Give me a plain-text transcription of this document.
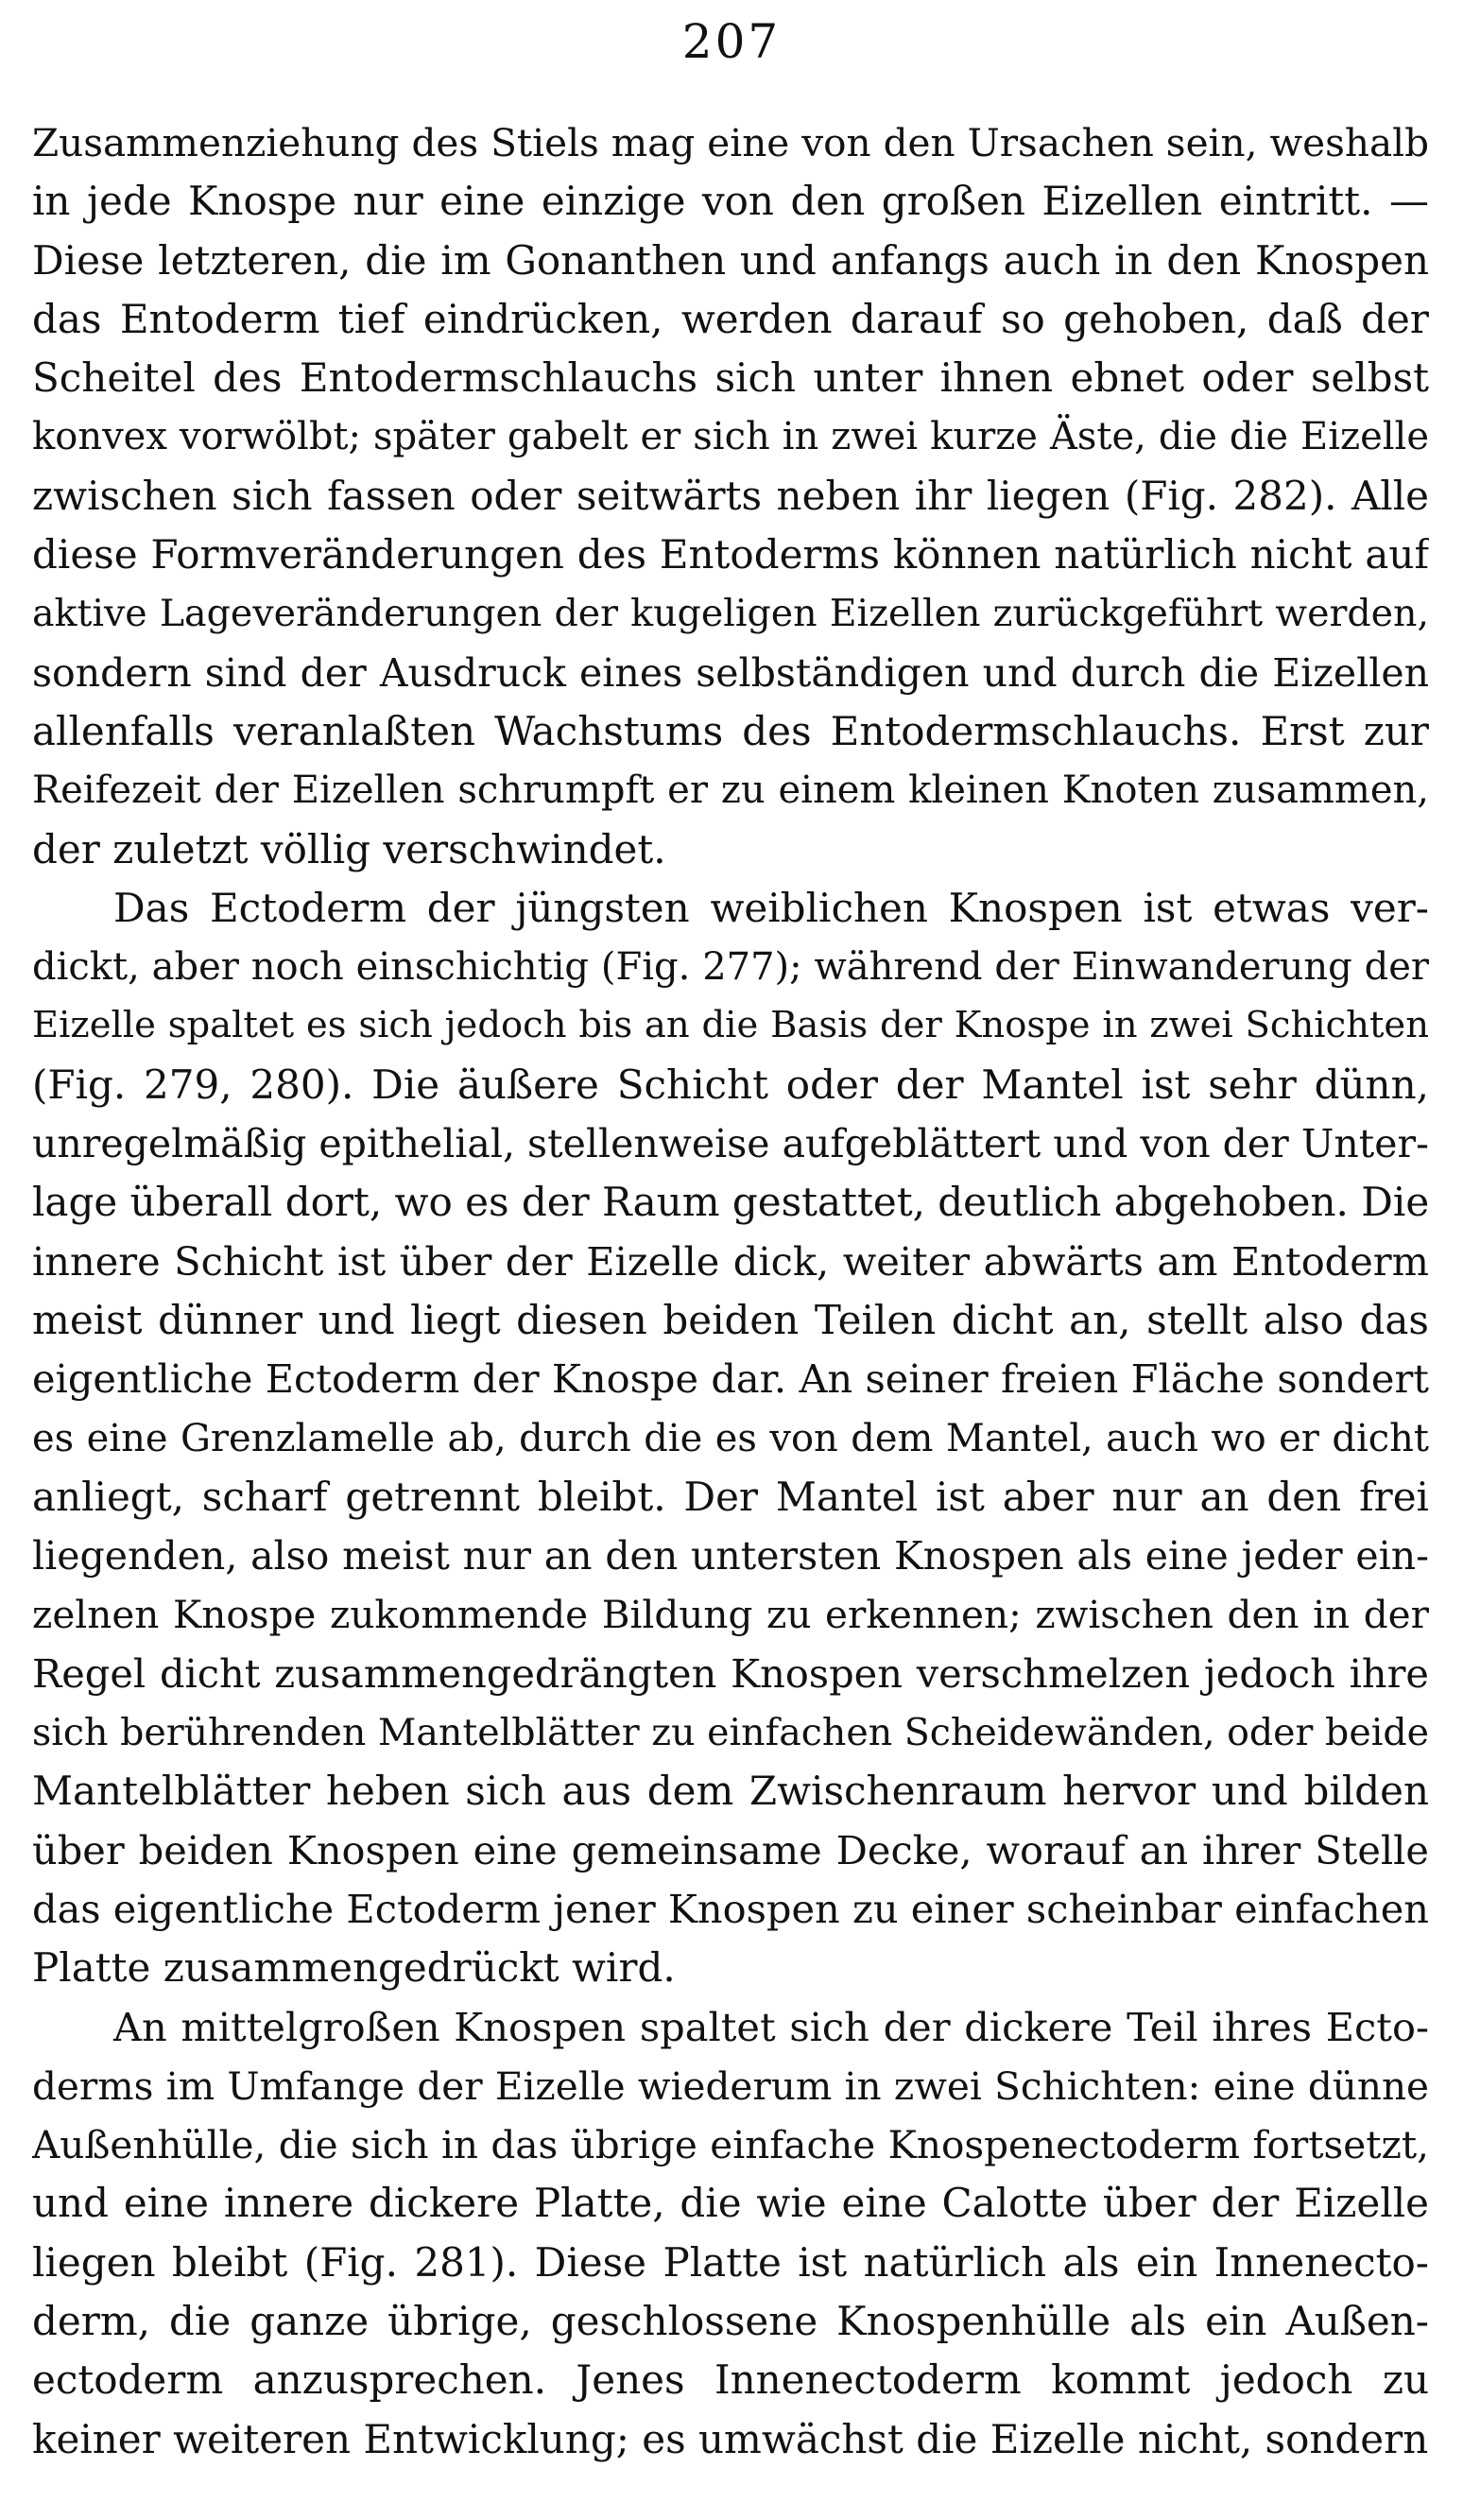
207
Zusammenziehung des Stiels mag eine von den Ursachen sein, weshalb
in jede Knospe nur eine einzige von den großen Eizellen eintritt. —
Diese letzteren, die im Gonanthen und anfangs auch in den Knospen
das Entoderm tief eindrücken, werden darauf so gehoben, daß der
Scheitel des Entodermschlauchs sich unter ihnen ebnet oder selbst
konvex vorwölbt; später gabelt er sich in zwei kurze Äste, die die Eizelle
zwischen sich fassen oder seitwärts neben ihr liegen (Fig. 282). Alle
diese Formveränderungen des Entoderms können natürlich nicht auf
aktive Lageveränderungen der kugeligen Eizellen zurückgeführt werden,
sondern sind der Ausdruck eines selbständigen und durch die Eizellen
allenfalls veranlaßten Wachstums des Entodermschlauchs. Erst zur
Reifezeit der Eizellen schrumpft er zu einem kleinen Knoten zusammen,
der zuletzt völlig verschwindet.
Das Ectoderm der jüngsten weiblichen Knospen ist etwas ver-
dickt, aber noch einschichtig (Fig. 277); während der Einwanderung der
Eizelle spaltet es sich jedoch bis an die Basis der Knospe in zwei Schichten
(Fig. 279, 280). Die äußere Schicht oder der Mantel ist sehr dünn,
unregelmäßig epithelial, stellenweise aufgeblättert und von der Unter-
lage überall dort, wo es der Raum gestattet, deutlich abgehoben. Die
innere Schicht ist über der Eizelle dick, weiter abwärts am Entoderm
meist dünner und liegt diesen beiden Teilen dicht an, stellt also das
eigentliche Ectoderm der Knospe dar. An seiner freien Fläche sondert
es eine Grenzlamelle ab, durch die es von dem Mantel, auch wo er dicht
anliegt, scharf getrennt bleibt. Der Mantel ist aber nur an den frei
liegenden, also meist nur an den untersten Knospen als eine jeder ein-
zelnen Knospe zukommende Bildung zu erkennen; zwischen den in der
Regel dicht zusammengedrängten Knospen verschmelzen jedoch ihre
sich berührenden Mantelblätter zu einfachen Scheidewänden, oder beide
Mantelblätter heben sich aus dem Zwischenraum hervor und bilden
über beiden Knospen eine gemeinsame Decke, worauf an ihrer Stelle
das eigentliche Ectoderm jener Knospen zu einer scheinbar einfachen
Platte zusammengedrückt wird.
An mittelgroßen Knospen spaltet sich der dickere Teil ihres Ecto-
derms im Umfange der Eizelle wiederum in zwei Schichten: eine dünne
Außenhülle, die sich in das übrige einfache Knospenectoderm fortsetzt,
und eine innere dickere Platte, die wie eine Calotte über der Eizelle
liegen bleibt (Fig. 281). Diese Platte ist natürlich als ein Innenecto-
derm, die ganze übrige, geschlossene Knospenhülle als ein Außen-
ectoderm anzusprechen. Jenes Innenectoderm kommt jedoch zu
keiner weiteren Entwicklung; es umwächst die Eizelle nicht, sondern
